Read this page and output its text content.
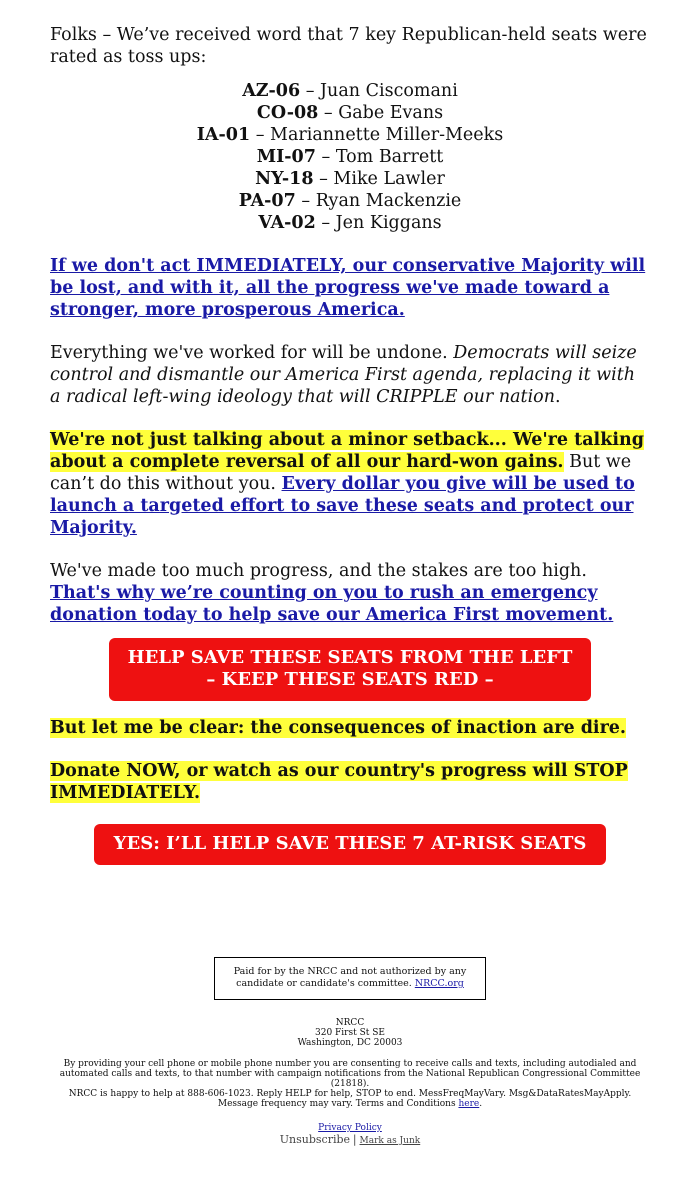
Folks – We’ve received word that 7 key Republican-held seats were rated as toss ups:

AZ-06 – Juan Ciscomani
CO-08 – Gabe Evans
IA-01 – Mariannette Miller-Meeks
MI-07 – Tom Barrett
NY-18 – Mike Lawler
PA-07 – Ryan Mackenzie
VA-02 – Jen Kiggans

If we don't act IMMEDIATELY, our conservative Majority will be lost, and with it, all the progress we've made toward a stronger, more prosperous America.

Everything we've worked for will be undone. Democrats will seize control and dismantle our America First agenda, replacing it with a radical left-wing ideology that will CRIPPLE our nation.

We're not just talking about a minor setback... We're talking about a complete reversal of all our hard-won gains. But we can’t do this without you. Every dollar you give will be used to launch a targeted effort to save these seats and protect our Majority.

We've made too much progress, and the stakes are too high. That's why we’re counting on you to rush an emergency donation today to help save our America First movement.

HELP SAVE THESE SEATS FROM THE LEFT
– KEEP THESE SEATS RED –

But let me be clear: the consequences of inaction are dire.

Donate NOW, or watch as our country's progress will STOP IMMEDIATELY.

YES: I’LL HELP SAVE THESE 7 AT-RISK SEATS
Paid for by the NRCC and not authorized by any candidate or candidate's committee. NRCC.org
NRCC
320 First St SE
Washington, DC 20003
By providing your cell phone or mobile phone number you are consenting to receive calls and texts, including autodialed and automated calls and texts, to that number with campaign notifications from the National Republican Congressional Committee (21818).
NRCC is happy to help at 888-606-1023. Reply HELP for help, STOP to end. MessFreqMayVary. Msg&DataRatesMayApply. Message frequency may vary. Terms and Conditions here.
Privacy Policy
Unsubscribe | Mark as Junk
